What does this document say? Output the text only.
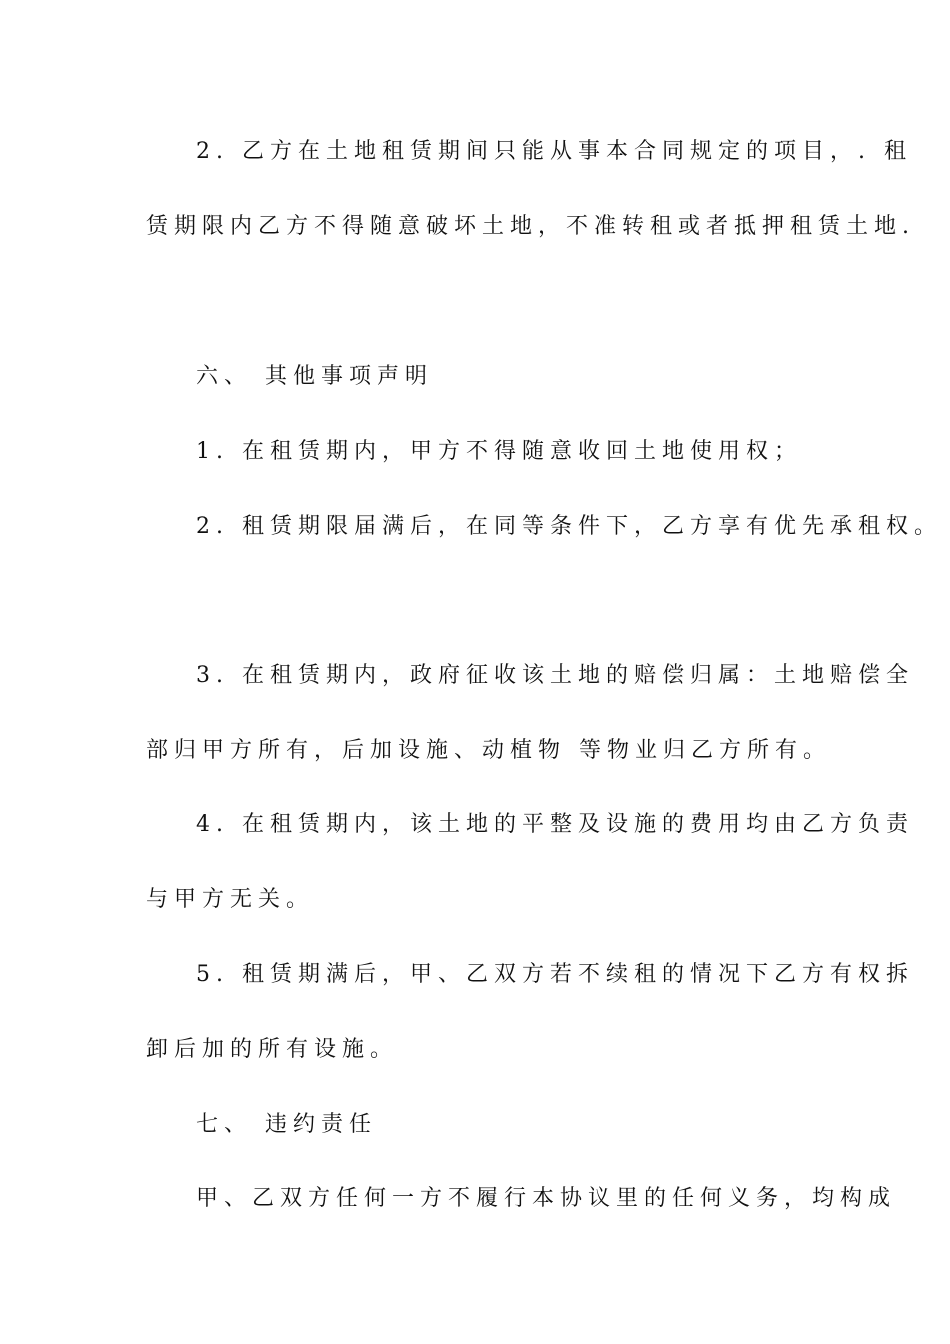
2. 乙方在土地租赁期间只能从事本合同规定的项目，. 租

赁期限内乙方不得随意破坏土地，不准转租或者抵押租赁土地.

六、 其他事项声明

1. 在租赁期内，甲方不得随意收回土地使用权；

2. 租赁期限届满后，在同等条件下，乙方享有优先承租权。

3. 在租赁期内，政府征收该土地的赔偿归属：土地赔偿全

部归甲方所有，后加设施、动植物 等物业归乙方所有。

4. 在租赁期内，该土地的平整及设施的费用均由乙方负责

与甲方无关。

5. 租赁期满后，甲、乙双方若不续租的情况下乙方有权拆

卸后加的所有设施。

七、 违约责任

甲、乙双方任何一方不履行本协议里的任何义务，均构成
